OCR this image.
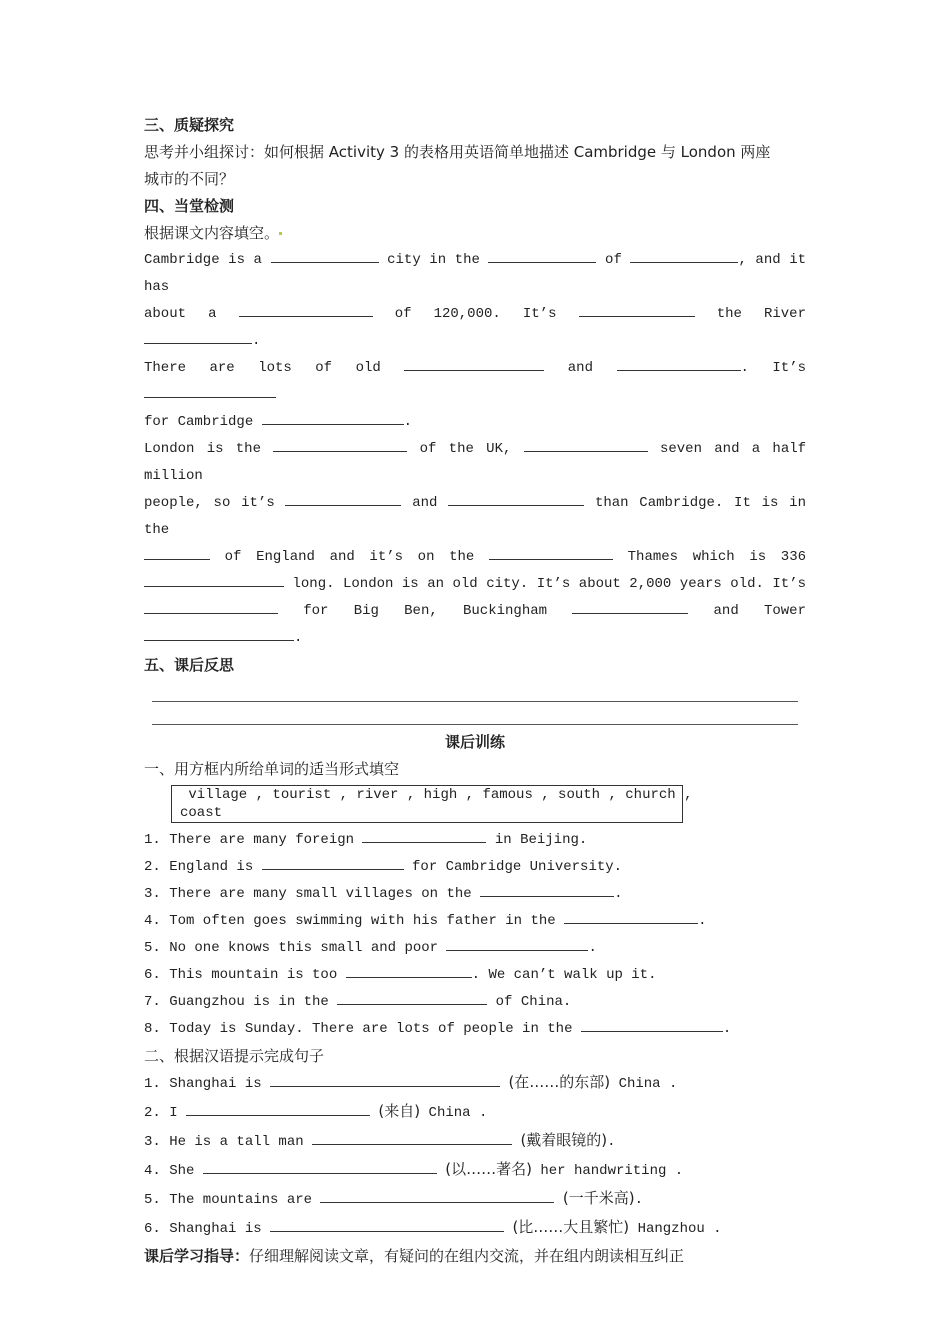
三、质疑探究

思考并小组探讨：如何根据 Activity 3 的表格用英语简单地描述 Cambridge 与 London 两座

城市的不同？

四、当堂检测

根据课文内容填空。

Cambridge is a	city in the	of	, and it has

about a	of 120,000. It’s	the River .

There are lots of old	and	. It’s

for Cambridge	.

London is the	of the UK,	seven and a half million

people, so it’s	and	than Cambridge. It is in the

of England and it’s on the	Thames which is 336

long. London is an old city. It’s about 2,000 years old. It’s

for Big Ben, Buckingham	and Tower

.

五、课后反思
课后训练

一、用方框内所给单词的适当形式填空

village , tourist , river , high , famous , south , church ,
coast

1. There are many foreign	in Beijing.

2. England is	for Cambridge University.

3. There are many small villages on the	.

4. Tom often goes swimming with his father in the	.

5. No one knows this small and poor	.

6. This mountain is too	. We can’t walk up it.

7. Guangzhou is in the	of China.

8. Today is Sunday. There are lots of people in the	.

二、根据汉语提示完成句子

1. Shanghai is	(在……的东部) China .

2. I	(来自) China .

3. He is a tall man	(戴着眼镜的).

4. She	(以……著名) her handwriting .

5. The mountains are	(一千米高).

6. Shanghai is	(比……大且繁忙) Hangzhou .

课后学习指导：仔细理解阅读文章，有疑问的在组内交流，并在组内朗读相互纠正
